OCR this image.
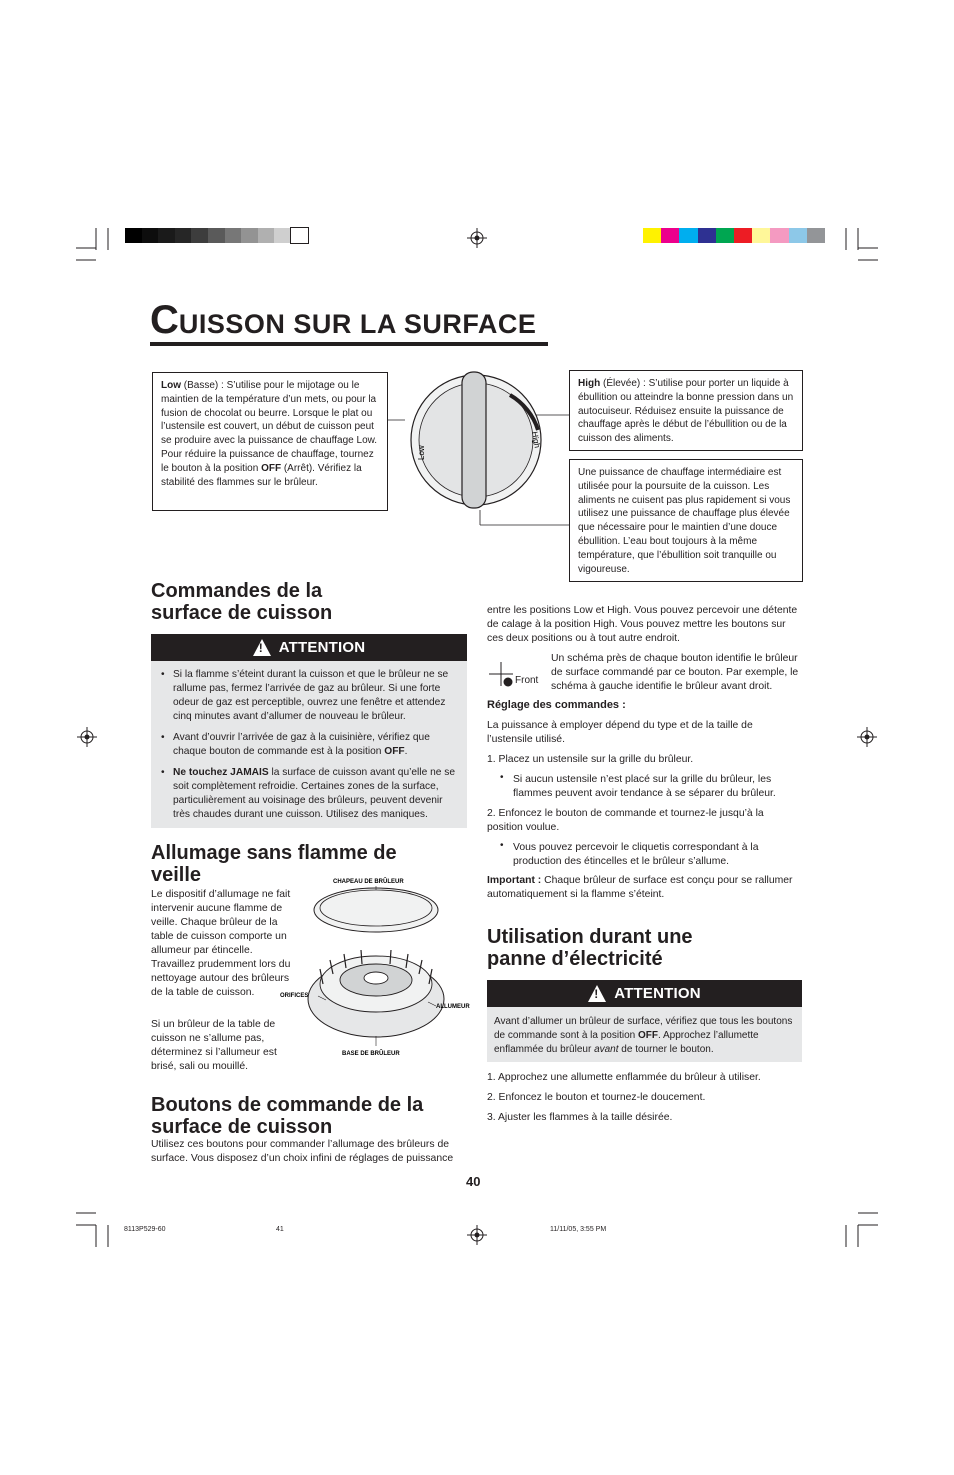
CUISSON SUR LA SURFACE
Low
High

Low (Basse) : S’utilise pour le mijotage ou le maintien de la température d’un mets, ou pour la fusion de chocolat ou beurre. Lorsque le plat ou l’ustensile est couvert, un début de cuisson peut se produire avec la puissance de chauffage Low. Pour réduire la puissance de chauffage, tournez le bouton à la position OFF (Arrêt). Vérifiez la stabilité des flammes sur le brûleur.

High (Élevée) : S’utilise pour porter un liquide à ébullition ou atteindre la bonne pression dans un autocuiseur. Réduisez ensuite la puissance de chauffage après le début de l’ébullition ou de la cuisson des aliments.

Une puissance de chauffage intermédiaire est utilisée pour la poursuite de la cuisson. Les aliments ne cuisent pas plus rapidement si vous utilisez une puissance de chauffage plus élevée que nécessaire pour le maintien d’une douce ébullition. L’eau bout toujours à la même température, que l’ébullition soit tranquille ou vigoureuse.

Commandes de la surface de cuisson
!
ATTENTION
• Si la flamme s’éteint durant la cuisson et que le brûleur ne se rallume pas, fermez l’arrivée de gaz au brûleur. Si une forte odeur de gaz est perceptible, ouvrez une fenêtre et attendez cinq minutes avant d’allumer de nouveau le brûleur.
• Avant d’ouvrir l’arrivée de gaz à la cuisinière, vérifiez que chaque bouton de commande est à la position OFF.
• Ne touchez JAMAIS la surface de cuisson avant qu’elle ne se soit complètement refroidie. Certaines zones de la surface, particulièrement au voisinage des brûleurs, peuvent devenir très chaudes durant une cuisson. Utilisez des maniques.
Allumage sans flamme de veille

Le dispositif d’allumage ne fait intervenir aucune flamme de veille. Chaque brûleur de la table de cuisson comporte un allumeur par étincelle. Travaillez prudemment lors du nettoyage autour des brûleurs de la table de cuisson.

Si un brûleur de la table de cuisson ne s’allume pas, déterminez si l’allumeur est brisé, sali ou mouillé.

CHAPEAU DE BRÛLEUR
ORIFICES
ALLUMEUR
BASE DE BRÛLEUR
Boutons de commande de la surface de cuisson

Utilisez ces boutons pour commander l’allumage des brûleurs de surface. Vous disposez d’un choix infini de réglages de puissance

entre les positions Low et High. Vous pouvez percevoir une détente de calage à la position High. Vous pouvez mettre les boutons sur ces deux positions ou à tout autre endroit.

Front

Un schéma près de chaque bouton identifie le brûleur de surface commandé par ce bouton. Par exemple, le schéma à gauche identifie le brûleur avant droit.

Réglage des commandes :

La puissance à employer dépend du type et de la taille de l’ustensile utilisé.

1. Placez un ustensile sur la grille du brûleur.

Si aucun ustensile n’est placé sur la grille du brûleur, les flammes peuvent avoir tendance à se séparer du brûleur.

•

2. Enfoncez le bouton de commande et tournez-le jusqu’à la position voulue.

Vous pouvez percevoir le cliquetis correspondant à la production des étincelles et le brûleur s’allume.

•

Important : Chaque brûleur de surface est conçu pour se rallumer automatiquement si la flamme s’éteint.

Utilisation durant une panne d’électricité
!
ATTENTION

Avant d’allumer un brûleur de surface, vérifiez que tous les boutons de commande sont à la position OFF. Approchez l’allumette enflammée du brûleur avant de tourner le bouton.

1. Approchez une allumette enflammée du brûleur à utiliser.

2. Enfoncez le bouton et tournez-le doucement.

3. Ajuster les flammes à la taille désirée.

40
8113P529-60	41	11/11/05, 3:55 PM
